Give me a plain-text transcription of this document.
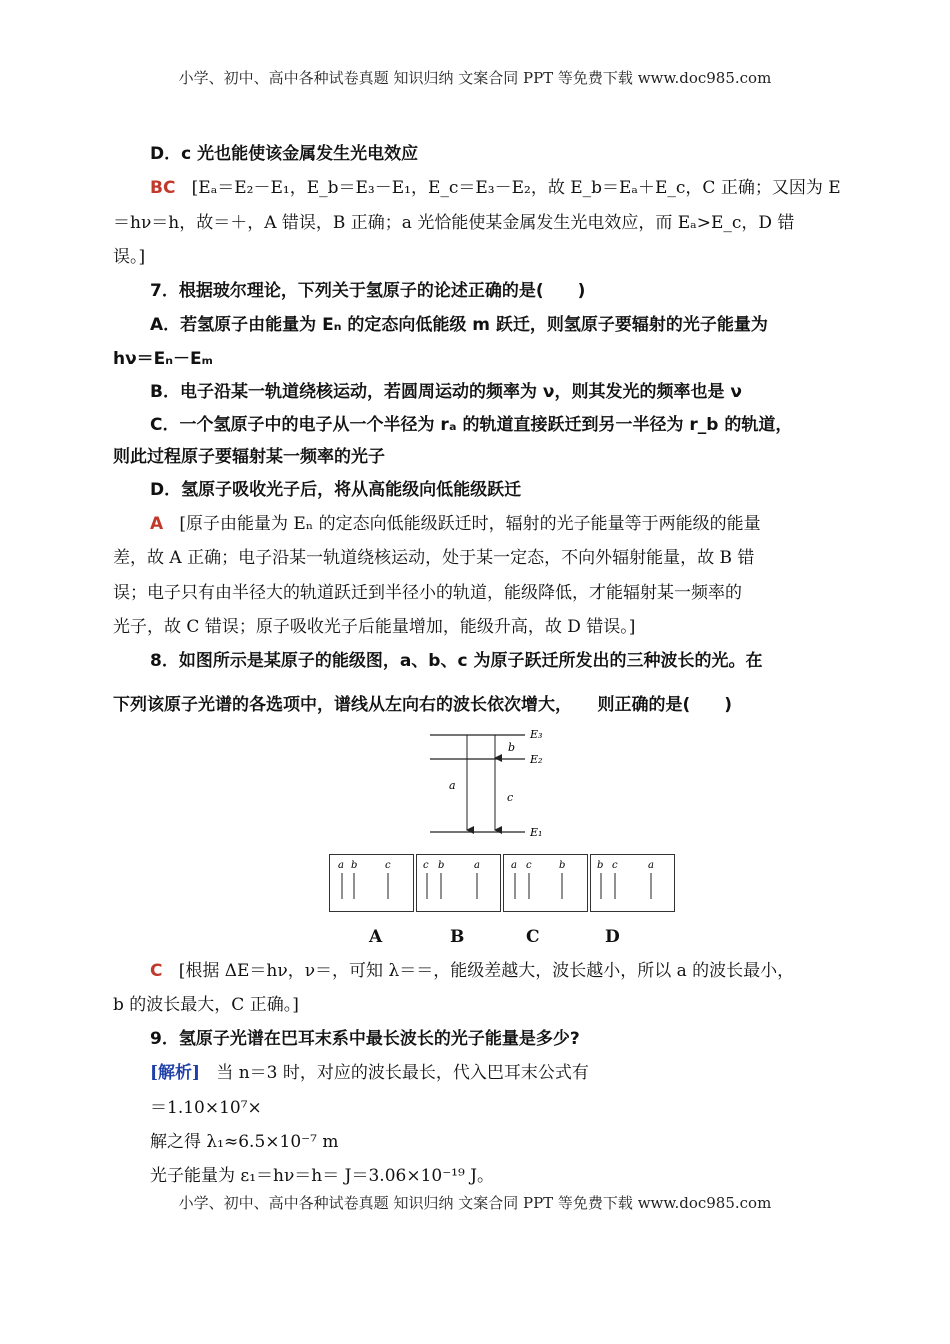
小学、初中、高中各种试卷真题 知识归纳 文案合同 PPT 等免费下载 www.doc985.com
D．c 光也能使该金属发生光电效应
BC [Eₐ＝E₂－E₁，E_b＝E₃－E₁，E_c＝E₃－E₂，故 E_b＝Eₐ＋E_c，C 正确；又因为 E
＝hν＝h，故＝＋，A 错误，B 正确；a 光恰能使某金属发生光电效应，而 Eₐ>E_c，D 错
误。]
7．根据玻尔理论，下列关于氢原子的论述正确的是(　　)
A．若氢原子由能量为 Eₙ 的定态向低能级 m 跃迁，则氢原子要辐射的光子能量为
hν＝Eₙ－Eₘ
B．电子沿某一轨道绕核运动，若圆周运动的频率为 ν，则其发光的频率也是 ν
C．一个氢原子中的电子从一个半径为 rₐ 的轨道直接跃迁到另一半径为 r_b 的轨道，
则此过程原子要辐射某一频率的光子
D．氢原子吸收光子后，将从高能级向低能级跃迁
A [原子由能量为 Eₙ 的定态向低能级跃迁时，辐射的光子能量等于两能级的能量
差，故 A 正确；电子沿某一轨道绕核运动，处于某一定态，不向外辐射能量，故 B 错
误；电子只有由半径大的轨道跃迁到半径小的轨道，能级降低，才能辐射某一频率的
光子，故 C 错误；原子吸收光子后能量增加，能级升高，故 D 错误。]
8．如图所示是某原子的能级图，a、b、c 为原子跃迁所发出的三种波长的光。在
下列该原子光谱的各选项中，谱线从左向右的波长依次增大，　　则正确的是(　　)
E₃
E₂
E₁
a
b
c
a b	c	c b	a	a c	b	b c	a
A	B	C	D
C [根据 ΔE＝hν，ν＝，可知 λ＝＝，能级差越大，波长越小，所以 a 的波长最小，
b 的波长最大，C 正确。]
9．氢原子光谱在巴耳末系中最长波长的光子能量是多少?
[解析] 当 n＝3 时，对应的波长最长，代入巴耳末公式有
＝1.10×10⁷×
解之得 λ₁≈6.5×10⁻⁷ m
光子能量为 ε₁＝hν＝h＝ J＝3.06×10⁻¹⁹ J。
小学、初中、高中各种试卷真题 知识归纳 文案合同 PPT 等免费下载 www.doc985.com
